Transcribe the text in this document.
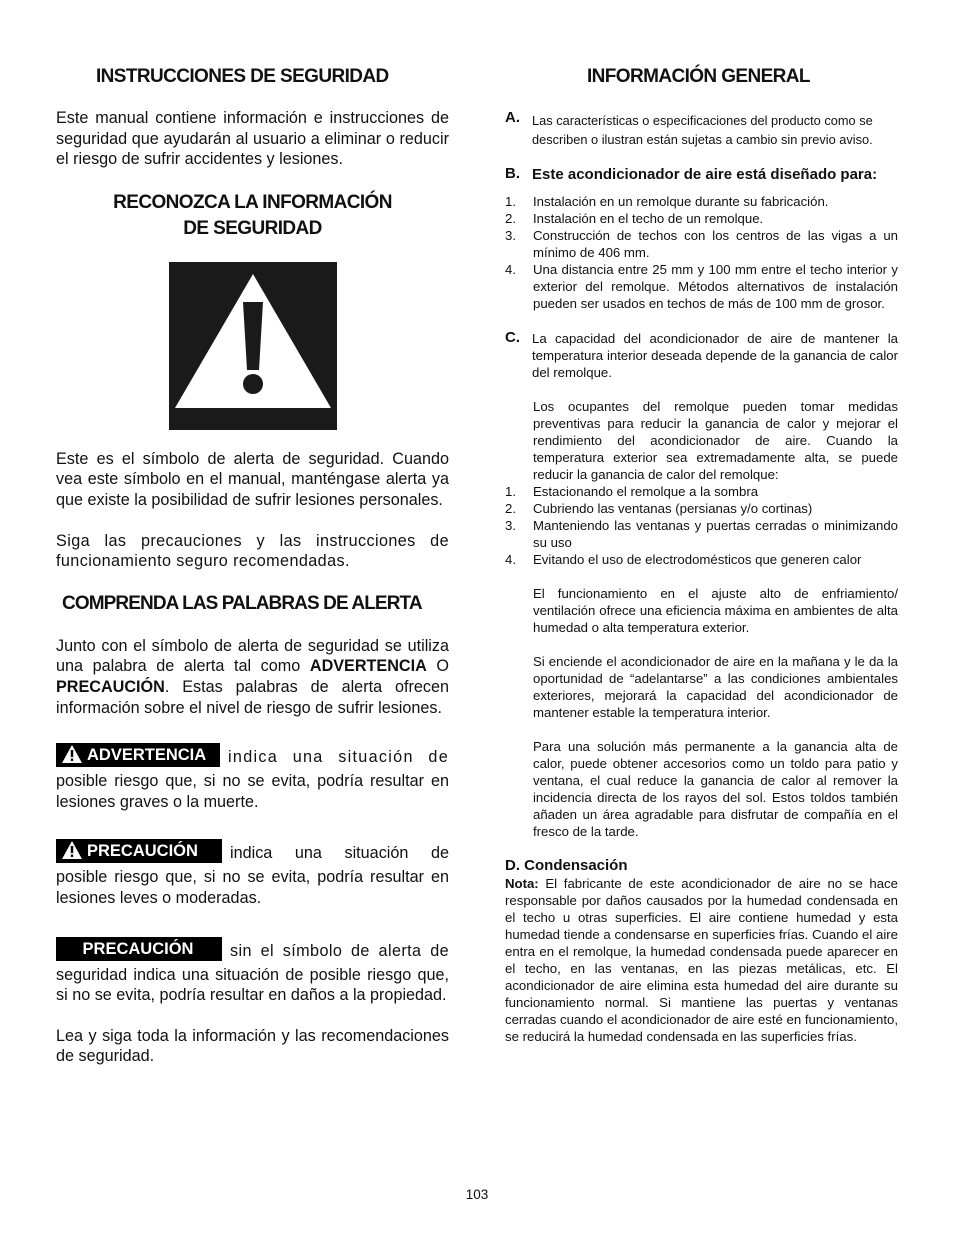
INSTRUCCIONES DE SEGURIDAD

Este manual contiene información e instrucciones de seguridad que ayudarán al usuario a eliminar o reducir el riesgo de sufrir accidentes y lesiones.

RECONOZCA LA INFORMACIÓN
DE SEGURIDAD

Este es el símbolo de alerta de seguridad. Cuando vea este símbolo en el manual, manténgase alerta ya que existe la posibilidad de sufrir lesiones personales.

Siga las precauciones y las instrucciones de funcionamiento seguro recomendadas.

COMPRENDA LAS PALABRAS DE ALERTA

Junto con el símbolo de alerta de seguridad se utiliza una palabra de alerta tal como ADVERTENCIA O PRECAUCIÓN. Estas palabras de alerta ofrecen información sobre el nivel de riesgo de sufrir lesiones.

ADVERTENCIA indica una situación de posible riesgo que, si no se evita, podría resultar en lesiones graves o la muerte.

PRECAUCIÓN indica una situación de posible riesgo que, si no se evita, podría resultar en lesiones leves o moderadas.

PRECAUCIÓN sin el símbolo de alerta de seguridad indica una situación de posible riesgo que, si no se evita, podría resultar en daños a la propiedad.

Lea y siga toda la información y las recomendaciones de seguridad.

INFORMACIÓN GENERAL
A. Las características o especificaciones del producto como se describen o ilustran están sujetas a cambio sin previo aviso.

B. Este acondicionador de aire está diseñado para:

1. Instalación en un remolque durante su fabricación.
2. Instalación en el techo de un remolque.
3. Construcción de techos con los centros de las vigas a un mínimo de 406 mm.
4. Una distancia entre 25 mm y 100 mm entre el techo interior y exterior del remolque. Métodos alternativos de instalación pueden ser usados en techos de más de 100 mm de grosor.
C. La capacidad del acondicionador de aire de mantener la temperatura interior deseada depende de la ganancia de calor del remolque.

Los ocupantes del remolque pueden tomar medidas preventivas para reducir la ganancia de calor y mejorar el rendimiento del acondicionador de aire. Cuando la temperatura exterior sea extremadamente alta, se puede reducir la ganancia de calor del remolque:

1. Estacionando el remolque a la sombra
2. Cubriendo las ventanas (persianas y/o cortinas)
3. Manteniendo las ventanas y puertas cerradas o minimizando su uso
4. Evitando el uso de electrodomésticos que generen calor

El funcionamiento en el ajuste alto de enfriamiento/ ventilación ofrece una eficiencia máxima en ambientes de alta humedad o alta temperatura exterior.

Si enciende el acondicionador de aire en la mañana y le da la oportunidad de “adelantarse” a las condiciones ambientales exteriores, mejorará la capacidad del acondicionador de mantener estable la temperatura interior.

Para una solución más permanente a la ganancia alta de calor, puede obtener accesorios como un toldo para patio y ventana, el cual reduce la ganancia de calor al remover la incidencia directa de los rayos del sol. Estos toldos también añaden un área agradable para disfrutar de compañía en el fresco de la tarde.

D. Condensación

Nota: El fabricante de este acondicionador de aire no se hace responsable por daños causados por la humedad condensada en el techo u otras superficies. El aire contiene humedad y esta humedad tiende a condensarse en superficies frías. Cuando el aire entra en el remolque, la humedad condensada puede aparecer en el techo, en las ventanas, en las piezas metálicas, etc. El acondicionador de aire elimina esta humedad del aire durante su funcionamiento normal. Si mantiene las puertas y ventanas cerradas cuando el acondicionador de aire esté en funcionamiento, se reducirá la humedad condensada en las superficies frías.

103
